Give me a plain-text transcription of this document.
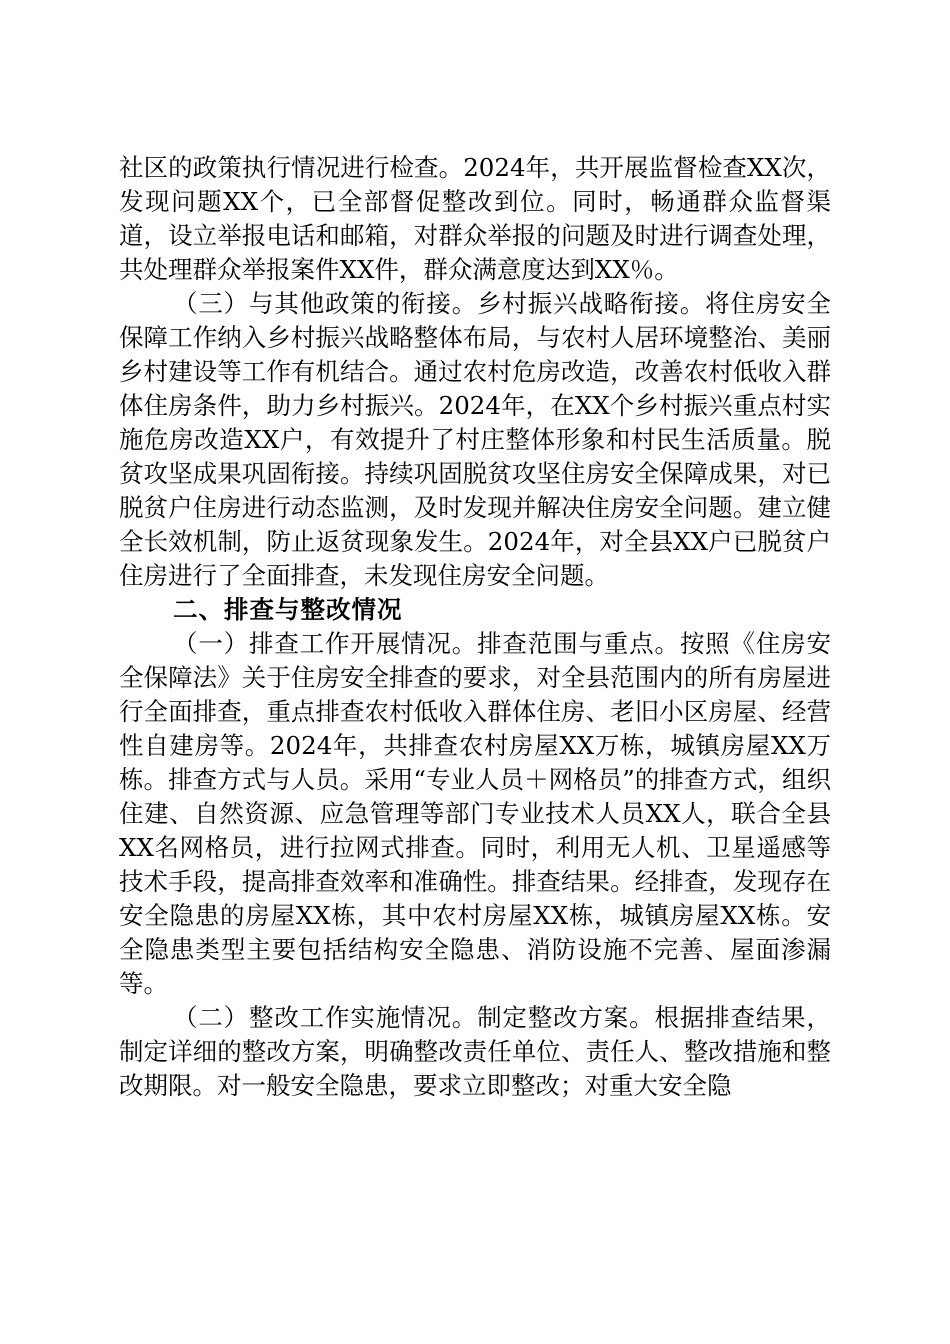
社区的政策执行情况进行检查。2024年，共开展监督检查XX次，发现问题XX个，已全部督促整改到位。同时，畅通群众监督渠道，设立举报电话和邮箱，对群众举报的问题及时进行调查处理，共处理群众举报案件XX件，群众满意度达到XX％。

（三）与其他政策的衔接。乡村振兴战略衔接。将住房安全保障工作纳入乡村振兴战略整体布局，与农村人居环境整治、美丽乡村建设等工作有机结合。通过农村危房改造，改善农村低收入群体住房条件，助力乡村振兴。2024年，在XX个乡村振兴重点村实施危房改造XX户，有效提升了村庄整体形象和村民生活质量。脱贫攻坚成果巩固衔接。持续巩固脱贫攻坚住房安全保障成果，对已脱贫户住房进行动态监测，及时发现并解决住房安全问题。建立健全长效机制，防止返贫现象发生。2024年，对全县XX户已脱贫户住房进行了全面排查，未发现住房安全问题。

二、排查与整改情况

（一）排查工作开展情况。排查范围与重点。按照《住房安全保障法》关于住房安全排查的要求，对全县范围内的所有房屋进行全面排查，重点排查农村低收入群体住房、老旧小区房屋、经营性自建房等。2024年，共排查农村房屋XX万栋，城镇房屋XX万栋。排查方式与人员。采用“专业人员＋网格员”的排查方式，组织住建、自然资源、应急管理等部门专业技术人员XX人，联合全县XX名网格员，进行拉网式排查。同时，利用无人机、卫星遥感等技术手段，提高排查效率和准确性。排查结果。经排查，发现存在安全隐患的房屋XX栋，其中农村房屋XX栋，城镇房屋XX栋。安全隐患类型主要包括结构安全隐患、消防设施不完善、屋面渗漏等。

（二）整改工作实施情况。制定整改方案。根据排查结果，制定详细的整改方案，明确整改责任单位、责任人、整改措施和整改期限。对一般安全隐患，要求立即整改；对重大安全隐
